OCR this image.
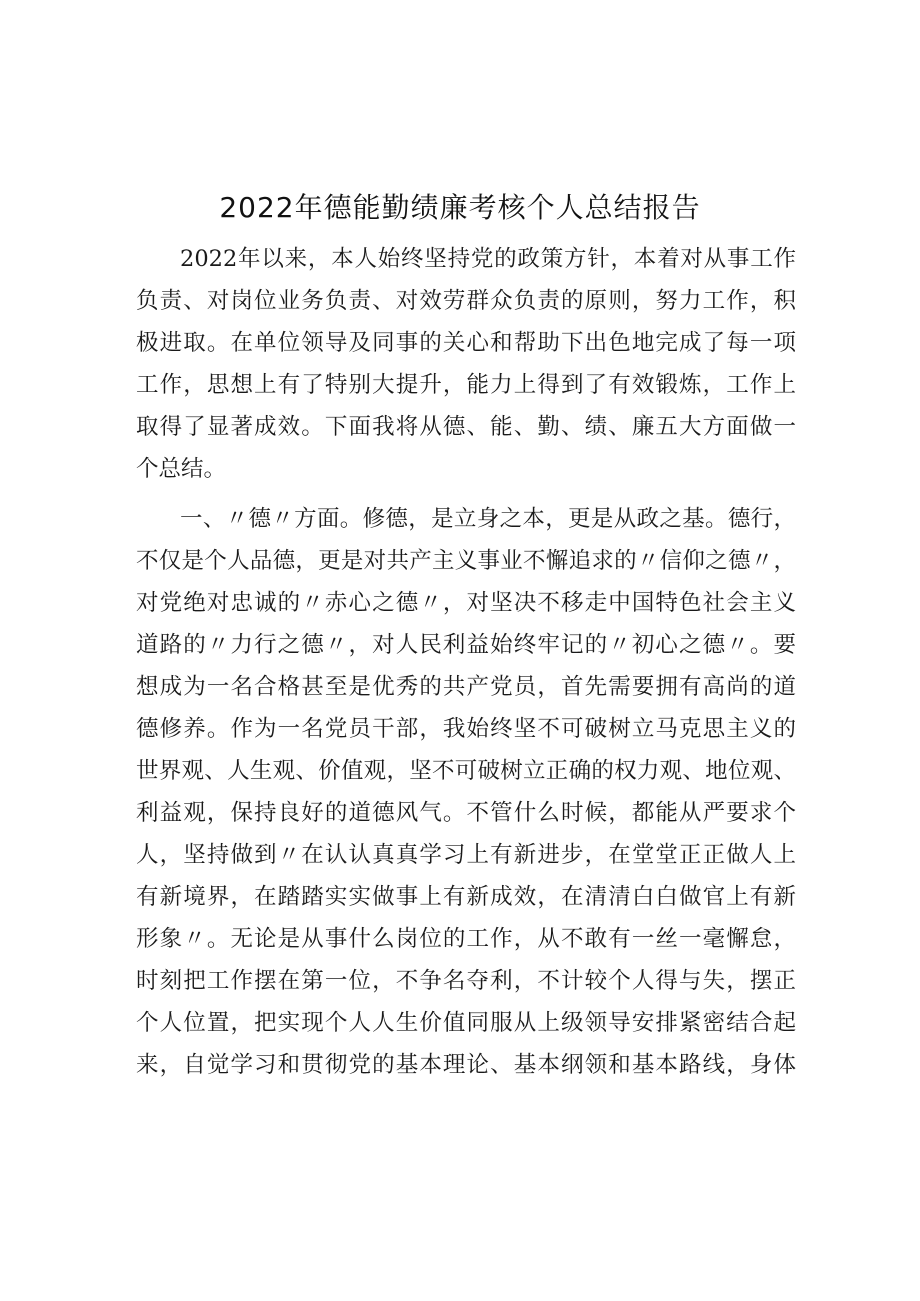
2022年德能勤绩廉考核个人总结报告
2022年以来，本人始终坚持党的政策方针，本着对从事工作
负责、对岗位业务负责、对效劳群众负责的原则，努力工作，积
极进取。在单位领导及同事的关心和帮助下出色地完成了每一项
工作，思想上有了特别大提升，能力上得到了有效锻炼，工作上
取得了显著成效。下面我将从德、能、勤、绩、廉五大方面做一
个总结。
一、〃德〃方面。修德，是立身之本，更是从政之基。德行，
不仅是个人品德，更是对共产主义事业不懈追求的〃信仰之德〃，
对党绝对忠诚的〃赤心之德〃，对坚决不移走中国特色社会主义
道路的〃力行之德〃，对人民利益始终牢记的〃初心之德〃。要
想成为一名合格甚至是优秀的共产党员，首先需要拥有高尚的道
德修养。作为一名党员干部，我始终坚不可破树立马克思主义的
世界观、人生观、价值观，坚不可破树立正确的权力观、地位观、
利益观，保持良好的道德风气。不管什么时候，都能从严要求个
人，坚持做到〃在认认真真学习上有新进步，在堂堂正正做人上
有新境界，在踏踏实实做事上有新成效，在清清白白做官上有新
形象〃。无论是从事什么岗位的工作，从不敢有一丝一毫懈怠，
时刻把工作摆在第一位，不争名夺利，不计较个人得与失，摆正
个人位置，把实现个人人生价值同服从上级领导安排紧密结合起
来，自觉学习和贯彻党的基本理论、基本纲领和基本路线，身体
